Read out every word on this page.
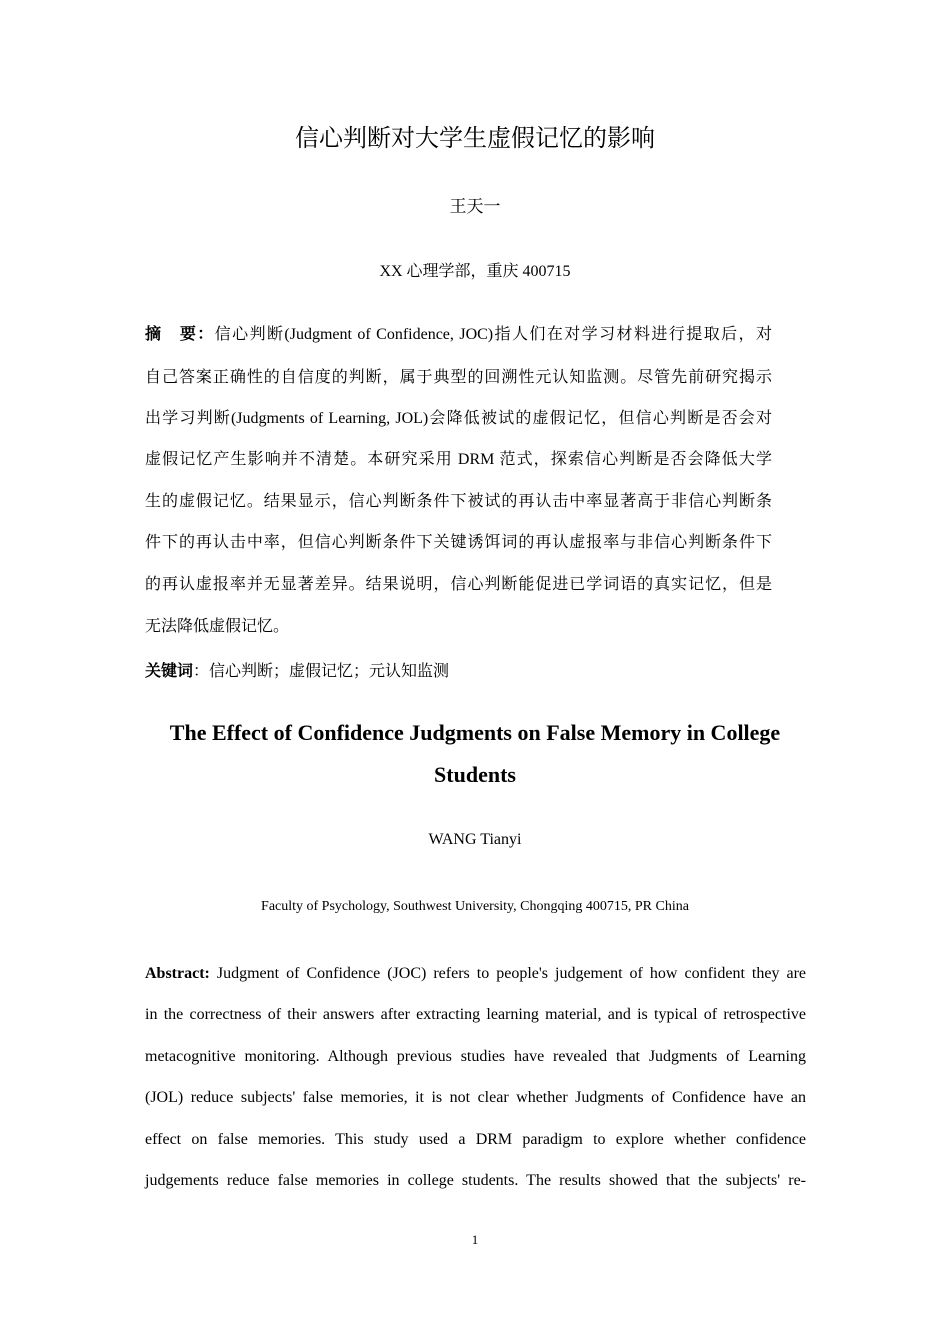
信心判断对大学生虚假记忆的影响
王天一
XX 心理学部，重庆 400715
摘　要：信心判断(Judgment of Confidence, JOC)指人们在对学习材料进行提取后，对
自己答案正确性的自信度的判断，属于典型的回溯性元认知监测。尽管先前研究揭示
出学习判断(Judgments of Learning, JOL)会降低被试的虚假记忆，但信心判断是否会对
虚假记忆产生影响并不清楚。本研究采用 DRM 范式，探索信心判断是否会降低大学
生的虚假记忆。结果显示，信心判断条件下被试的再认击中率显著高于非信心判断条
件下的再认击中率，但信心判断条件下关键诱饵词的再认虚报率与非信心判断条件下
的再认虚报率并无显著差异。结果说明，信心判断能促进已学词语的真实记忆，但是
无法降低虚假记忆。
关键词：信心判断；虚假记忆；元认知监测
The Effect of Confidence Judgments on False Memory in College
Students
WANG Tianyi
Faculty of Psychology, Southwest University, Chongqing 400715, PR China
Abstract: Judgment of Confidence (JOC) refers to people's judgement of how confident they are
in the correctness of their answers after extracting learning material, and is typical of retrospective
metacognitive monitoring. Although previous studies have revealed that Judgments of Learning
(JOL) reduce subjects' false memories, it is not clear whether Judgments of Confidence have an
effect on false memories. This study used a DRM paradigm to explore whether confidence
judgements reduce false memories in college students. The results showed that the subjects' re-
1
